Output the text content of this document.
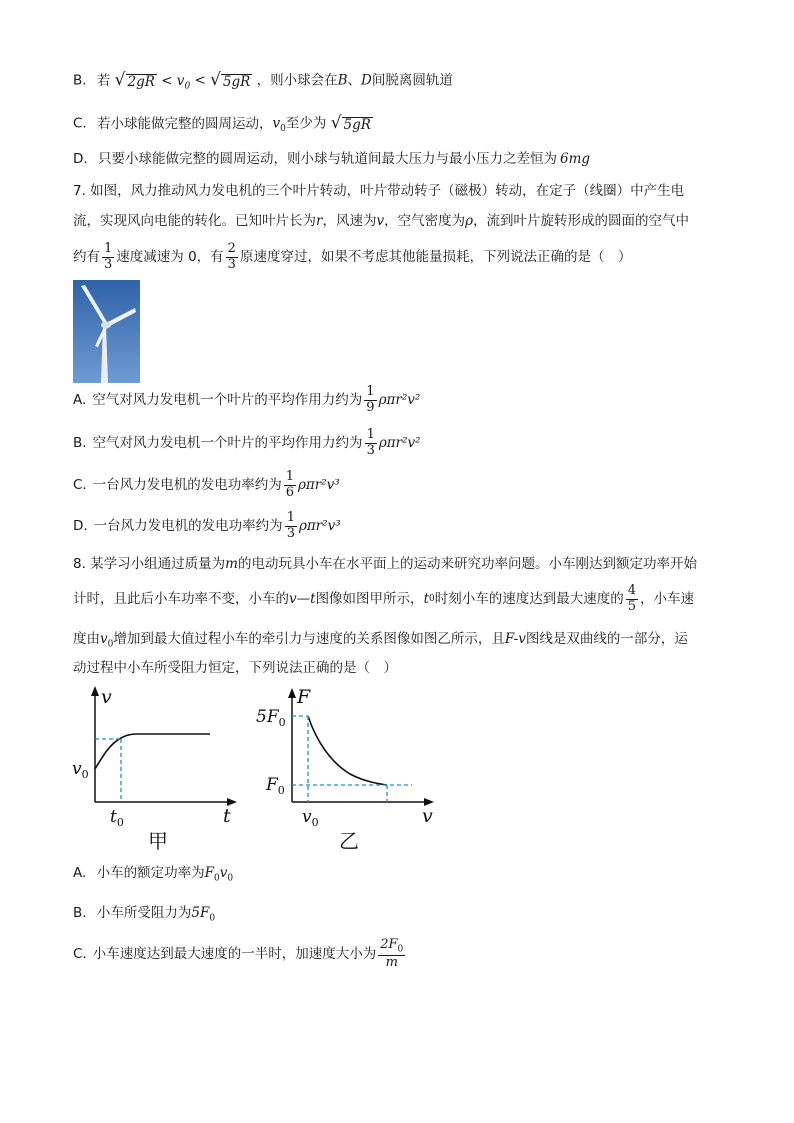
B. 若 √ $2gR < v_0$ < √ 5gR ，则小球会在B、D间脱离圆轨道
C. 若小球能做完整的圆周运动，$v_0$至少为 √ 5gR
D. 只要小球能做完整的圆周运动，则小球与轨道间最大压力与最小压力之差恒为 6mg
7. 如图，风力推动风力发电机的三个叶片转动，叶片带动转子（磁极）转动，在定子（线圈）中产生电
流，实现风向电能的转化。已知叶片长为r，风速为v，空气密度为ρ，流到叶片旋转形成的圆面的空气中
约有 $\frac{1}{3}$ 速度减速为 0，有 $\frac{2}{3}$ 原速度穿过，如果不考虑其他能量损耗，下列说法正确的是（　）
A. 空气对风力发电机一个叶片的平均作用力约为 $\frac{1}{9} \rho\pi r^2v^2$
B. 空气对风力发电机一个叶片的平均作用力约为 $\frac{1}{3} \rho\pi r^2v^2$
C. 一台风力发电机的发电功率约为 $\frac{1}{6} \rho\pi r^2v^3$
D. 一台风力发电机的发电功率约为 $\frac{1}{3} \rho\pi r^2v^3$
8. 某学习小组通过质量为m的电动玩具小车在水平面上的运动来研究功率问题。小车刚达到额定功率开始
计时，且此后小车功率不变，小车的 v—t 图像如图甲所示， t 0 时刻小车的速度达到最大速度的 $\frac{4}{5}$ ，小车速
度由$v_0$增加到最大值过程小车的牵引力与速度的关系图像如图乙所示，且F-v图线是双曲线的一部分，运
动过程中小车所受阻力恒定，下列说法正确的是（　）
v
$v_0$
$t_0$	t
甲
F
$5F_0$
$F_0$
$v_0$	v
乙
A. 小车的额定功率为$F_0v_0$
B. 小车所受阻力为$5F_0$
C. 小车速度达到最大速度的一半时，加速度大小为 $\frac{2F_0}{m}$
